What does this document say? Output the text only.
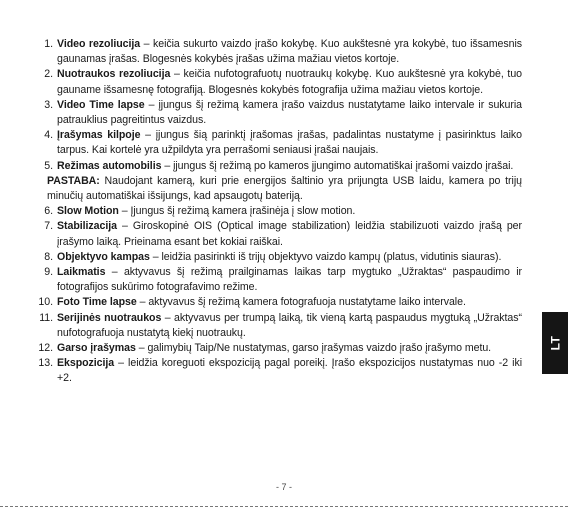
1. Video rezoliucija – keičia sukurto vaizdo įrašo kokybę. Kuo aukštesnė yra kokybė, tuo išsamesnis gaunamas įrašas. Blogesnės kokybės įrašas užima mažiau vietos kortoje.
2. Nuotraukos rezoliucija – keičia nufotografuotų nuotraukų kokybę. Kuo aukštesnė yra kokybė, tuo gauname išsamesnę fotografiją. Blogesnės kokybės fotografija užima mažiau vietos kortoje.
3. Video Time lapse – įjungus šį režimą kamera įrašo vaizdus nustatytame laiko intervale ir sukuria patrauklius pagreitintus vaizdus.
4. Įrašymas kilpoje – įjungus šią parinktį įrašomas įrašas, padalintas nustatyme į pasirinktus laiko tarpus. Kai kortelė yra užpildyta yra perrašomi seniausi įrašai naujais.
5. Režimas automobilis – įjungus šį režimą po kameros įjungimo automatiškai įrašomi vaizdo įrašai.
PASTABA: Naudojant kamerą, kuri prie energijos šaltinio yra prijungta USB laidu, kamera po trijų minučių automatiškai išsijungs, kad apsaugotų bateriją.
6. Slow Motion – Įjungus šį režimą kamera įrašinėja į slow motion.
7. Stabilizacija – Giroskopinė OIS (Optical image stabilization) leidžia stabilizuoti vaizdo įrašą per įrašymo laiką. Prieinama esant bet kokiai raiškai.
8. Objektyvo kampas – leidžia pasirinkti iš trijų objektyvo vaizdo kampų (platus, vidutinis siauras).
9. Laikmatis – aktyvavus šį režimą prailginamas laikas tarp mygtuko „Užraktas“ paspaudimo ir fotografijos sukūrimo fotografavimo režime.
10. Foto Time lapse – aktyvavus šį režimą kamera fotografuoja nustatytame laiko intervale.
11. Serijinės nuotraukos – aktyvavus per trumpą laiką, tik vieną kartą paspaudus mygtuką „Užraktas“ nufotografuoja nustatytą kiekį nuotraukų.
12. Garso įrašymas – galimybių Taip/Ne nustatymas, garso įrašymas vaizdo įrašo įrašymo metu.
13. Ekspozicija – leidžia koreguoti ekspoziciją pagal poreikį. Įrašo ekspozicijos nustatymas nuo -2 iki +2.
LT
- 7 -
